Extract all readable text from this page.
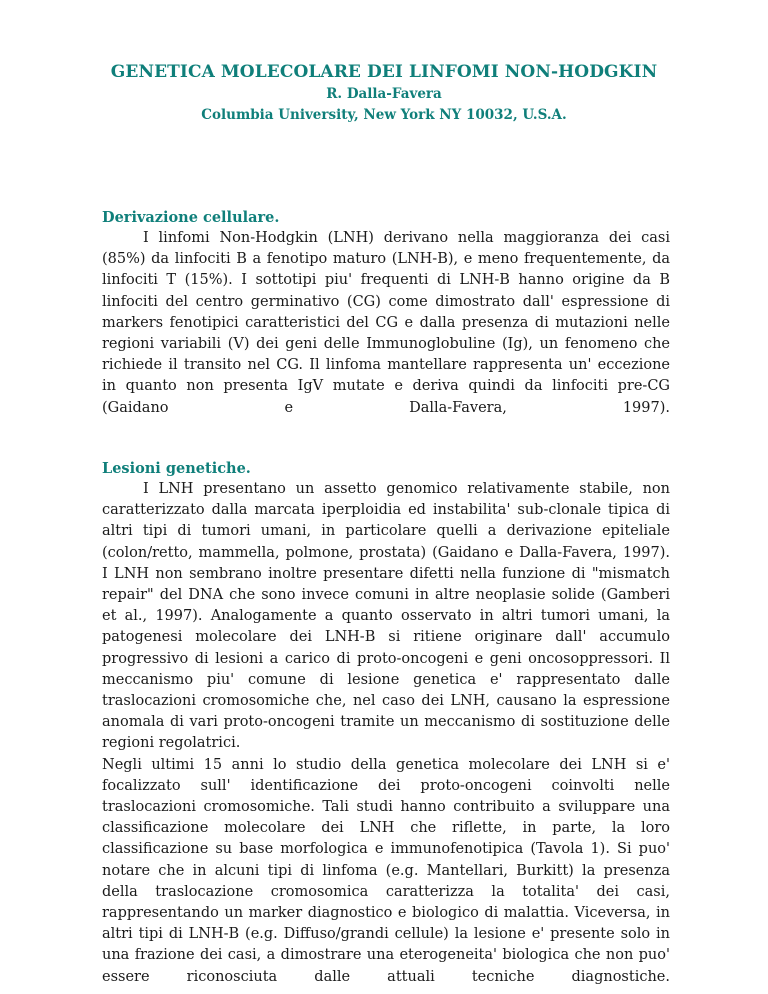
GENETICA MOLECOLARE DEI LINFOMI NON-HODGKIN
R. Dalla-Favera
Columbia University, New York NY 10032, U.S.A.

Derivazione cellulare.

I linfomi Non-Hodgkin (LNH) derivano nella maggioranza dei casi (85%) da linfociti B a fenotipo maturo (LNH-B), e meno frequentemente, da linfociti T (15%). I sottotipi piu' frequenti di LNH-B hanno origine da B linfociti del centro germinativo (CG) come dimostrato dall' espressione di markers fenotipici caratteristici del CG e dalla presenza di mutazioni nelle regioni variabili (V) dei geni delle Immunoglobuline (Ig), un fenomeno che richiede il transito nel CG. Il linfoma mantellare rappresenta un' eccezione in quanto non presenta IgV mutate e deriva quindi da linfociti pre-CG (Gaidano e Dalla-Favera, 1997).

Lesioni genetiche.

I LNH presentano un assetto genomico relativamente stabile, non caratterizzato dalla marcata iperploidia ed instabilita' sub-clonale tipica di altri tipi di tumori umani, in particolare quelli a derivazione epiteliale (colon/retto, mammella, polmone, prostata) (Gaidano e Dalla-Favera, 1997). I LNH non sembrano inoltre presentare difetti nella funzione di "mismatch repair" del DNA che sono invece comuni in altre neoplasie solide (Gamberi et al., 1997). Analogamente a quanto osservato in altri tumori umani, la patogenesi molecolare dei LNH-B si ritiene originare dall' accumulo progressivo di lesioni a carico di proto-oncogeni e geni oncosoppressori. Il meccanismo piu' comune di lesione genetica e' rappresentato dalle traslocazioni cromosomiche che, nel caso dei LNH, causano la espressione anomala di vari proto-oncogeni tramite un meccanismo di sostituzione delle regioni regolatrici.

Negli ultimi 15 anni lo studio della genetica molecolare dei LNH si e' focalizzato sull' identificazione dei proto-oncogeni coinvolti nelle traslocazioni cromosomiche. Tali studi hanno contribuito a sviluppare una classificazione molecolare dei LNH che riflette, in parte, la loro classificazione su base morfologica e immunofenotipica (Tavola 1). Si puo' notare che in alcuni tipi di linfoma (e.g. Mantellari, Burkitt) la presenza della traslocazione cromosomica caratterizza la totalita' dei casi, rappresentando un marker diagnostico e biologico di malattia. Viceversa, in altri tipi di LNH-B (e.g. Diffuso/grandi cellule) la lesione e' presente solo in una frazione dei casi, a dimostrare una eterogeneita' biologica che non puo' essere riconosciuta dalle attuali tecniche diagnostiche.
